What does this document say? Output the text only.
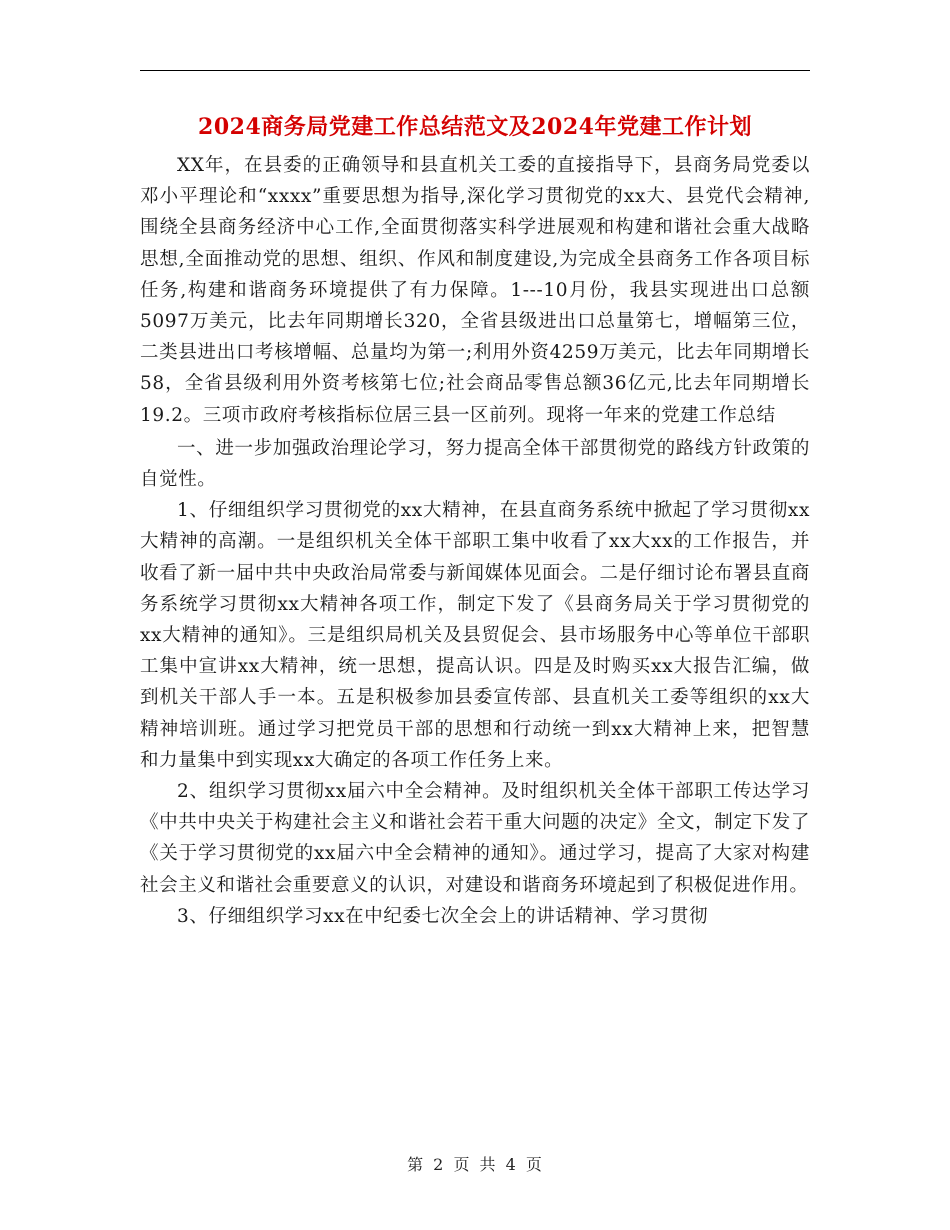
2024商务局党建工作总结范文及2024年党建工作计划

XX年，在县委的正确领导和县直机关工委的直接指导下，县商务局党委以邓小平理论和“xxxx”重要思想为指导,深化学习贯彻党的xx大、县党代会精神,围绕全县商务经济中心工作,全面贯彻落实科学进展观和构建和谐社会重大战略思想,全面推动党的思想、组织、作风和制度建设,为完成全县商务工作各项目标任务,构建和谐商务环境提供了有力保障。1---10月份，我县实现进出口总额5097万美元，比去年同期增长320，全省县级进出口总量第七，增幅第三位，二类县进出口考核增幅、总量均为第一;利用外资4259万美元，比去年同期增长58，全省县级利用外资考核第七位;社会商品零售总额36亿元,比去年同期增长19.2。三项市政府考核指标位居三县一区前列。现将一年来的党建工作总结

一、进一步加强政治理论学习，努力提高全体干部贯彻党的路线方针政策的自觉性。

1、仔细组织学习贯彻党的xx大精神，在县直商务系统中掀起了学习贯彻xx大精神的高潮。一是组织机关全体干部职工集中收看了xx大xx的工作报告，并收看了新一届中共中央政治局常委与新闻媒体见面会。二是仔细讨论布署县直商务系统学习贯彻xx大精神各项工作，制定下发了《县商务局关于学习贯彻党的xx大精神的通知》。三是组织局机关及县贸促会、县市场服务中心等单位干部职工集中宣讲xx大精神，统一思想，提高认识。四是及时购买xx大报告汇编，做到机关干部人手一本。五是积极参加县委宣传部、县直机关工委等组织的xx大精神培训班。通过学习把党员干部的思想和行动统一到xx大精神上来，把智慧和力量集中到实现xx大确定的各项工作任务上来。

2、组织学习贯彻xx届六中全会精神。及时组织机关全体干部职工传达学习《中共中央关于构建社会主义和谐社会若干重大问题的决定》全文，制定下发了《关于学习贯彻党的xx届六中全会精神的通知》。通过学习，提高了大家对构建社会主义和谐社会重要意义的认识，对建设和谐商务环境起到了积极促进作用。

3、仔细组织学习xx在中纪委七次全会上的讲话精神、学习贯彻

第 2 页 共 4 页
